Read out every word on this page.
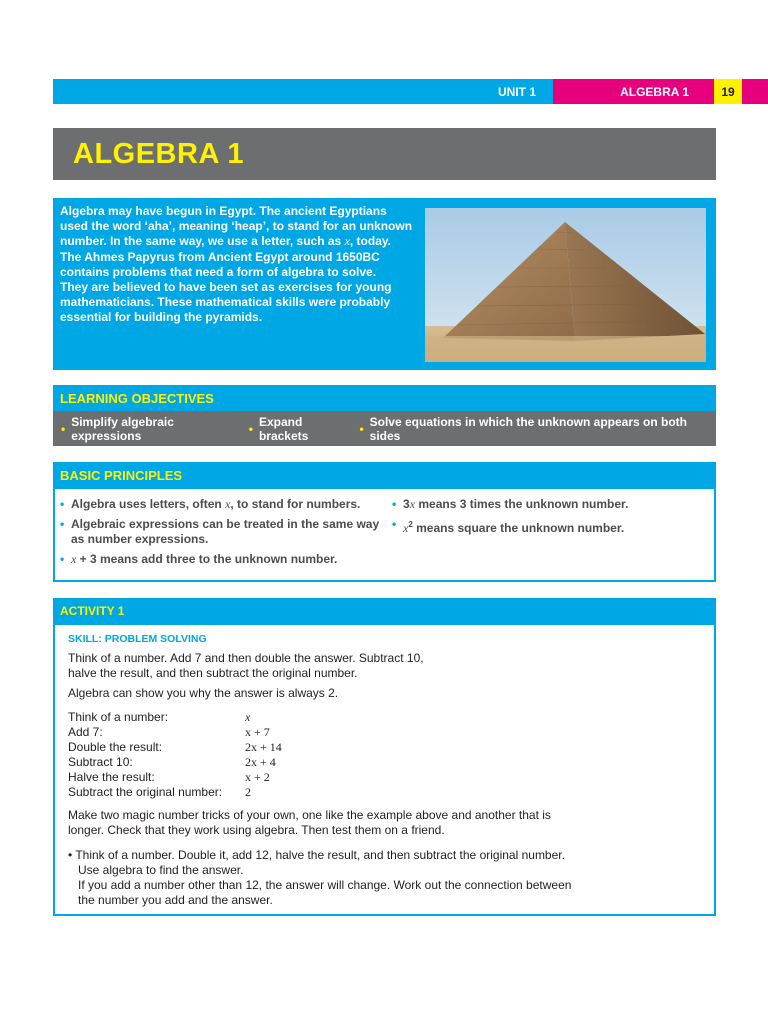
UNIT 1	ALGEBRA 1	19
ALGEBRA 1

Algebra may have begun in Egypt. The ancient Egyptians
used the word ‘aha’, meaning ‘heap’, to stand for an unknown
number. In the same way, we use a letter, such as x, today.
The Ahmes Papyrus from Ancient Egypt around 1650BC
contains problems that need a form of algebra to solve.
They are believed to have been set as exercises for young
mathematicians. These mathematical skills were probably
essential for building the pyramids.

LEARNING OBJECTIVES
• Simplify algebraic expressions	• Expand brackets	• Solve equations in which the unknown appears on both sides
BASIC PRINCIPLES
• Algebra uses letters, often x, to stand for numbers.
• Algebraic expressions can be treated in the same way as number expressions.
• x + 3 means add three to the unknown number.
• 3x means 3 times the unknown number.
• $x^2$ means square the unknown number.
ACTIVITY 1
SKILL: PROBLEM SOLVING

Think of a number. Add 7 and then double the answer. Subtract 10,
halve the result, and then subtract the original number.

Algebra can show you why the answer is always 2.

Think of a number:	x
Add 7:	x + 7
Double the result:	2x + 14
Subtract 10:	2x + 4
Halve the result:	x + 2
Subtract the original number:	2

Make two magic number tricks of your own, one like the example above and another that is
longer. Check that they work using algebra. Then test them on a friend.

• Think of a number. Double it, add 12, halve the result, and then subtract the original number.
Use algebra to find the answer.
If you add a number other than 12, the answer will change. Work out the connection between
the number you add and the answer.
